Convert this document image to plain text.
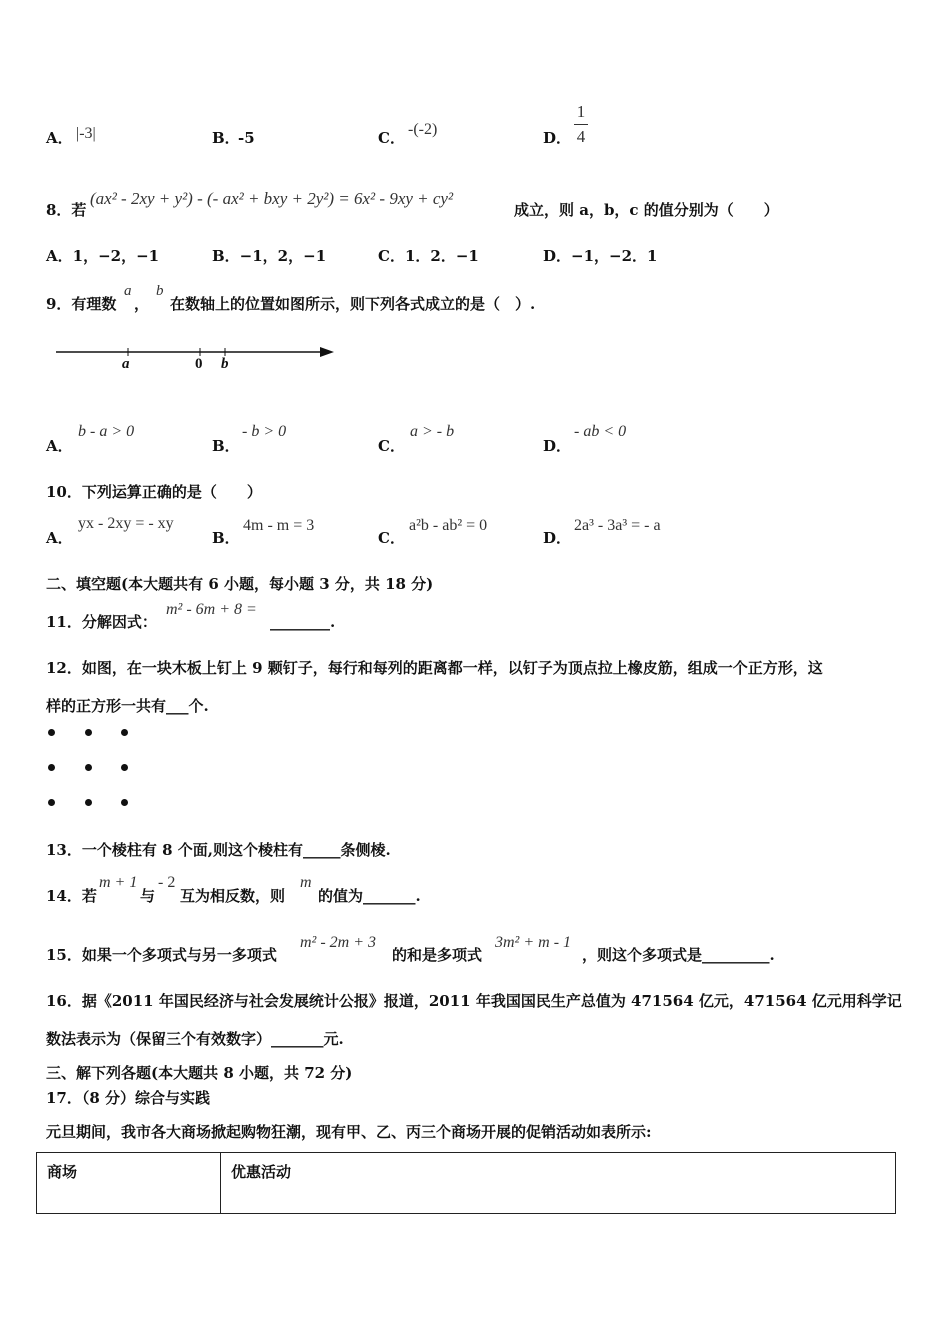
A． |-3|	B．
-5	C． -(-2)	D．
1
4
8．若
(ax² - 2xy + y²) - (- ax² + bxy + 2y²) = 6x² - 9xy + cy²
成立，则 a，b，c 的值分别为（　　）
A．1，−2，−1	B．−1，2，−1	C．1．2．−1	D．−1，−2．1
9．有理数
a
，
b
在数轴上的位置如图所示，则下列各式成立的是（　）.
a	0 b
A．
b - a > 0
B．
- b > 0
C．
a > - b
D．
- ab < 0
10．下列运算正确的是（　　）
A．
yx - 2xy = - xy
B．
4m - m = 3
C．
a²b - ab² = 0
D．
2a³ - 3a³ = - a
二、填空题(本大题共有 6 小题，每小题 3 分，共 18 分)
11．分解因式：
m² - 6m + 8 =
________.
12．如图，在一块木板上钉上 9 颗钉子，每行和每列的距离都一样，以钉子为顶点拉上橡皮筋，组成一个正方形，这
样的正方形一共有___个.
13．一个棱柱有 8 个面,则这个棱柱有_____条侧棱.
14．若
m + 1
与
- 2
互为相反数，则
m
的值为_______.
15．如果一个多项式与另一多项式
m² - 2m + 3
的和是多项式
3m² + m - 1
，则这个多项式是_________.
16．据《2011 年国民经济与社会发展统计公报》报道，2011 年我国国民生产总值为 471564 亿元，471564 亿元用科学记
数法表示为（保留三个有效数字）_______元.
三、解下列各题(本大题共 8 小题，共 72 分)
17．（8 分）综合与实践
元旦期间，我市各大商场掀起购物狂潮，现有甲、乙、丙三个商场开展的促销活动如表所示:
商场	优惠活动
